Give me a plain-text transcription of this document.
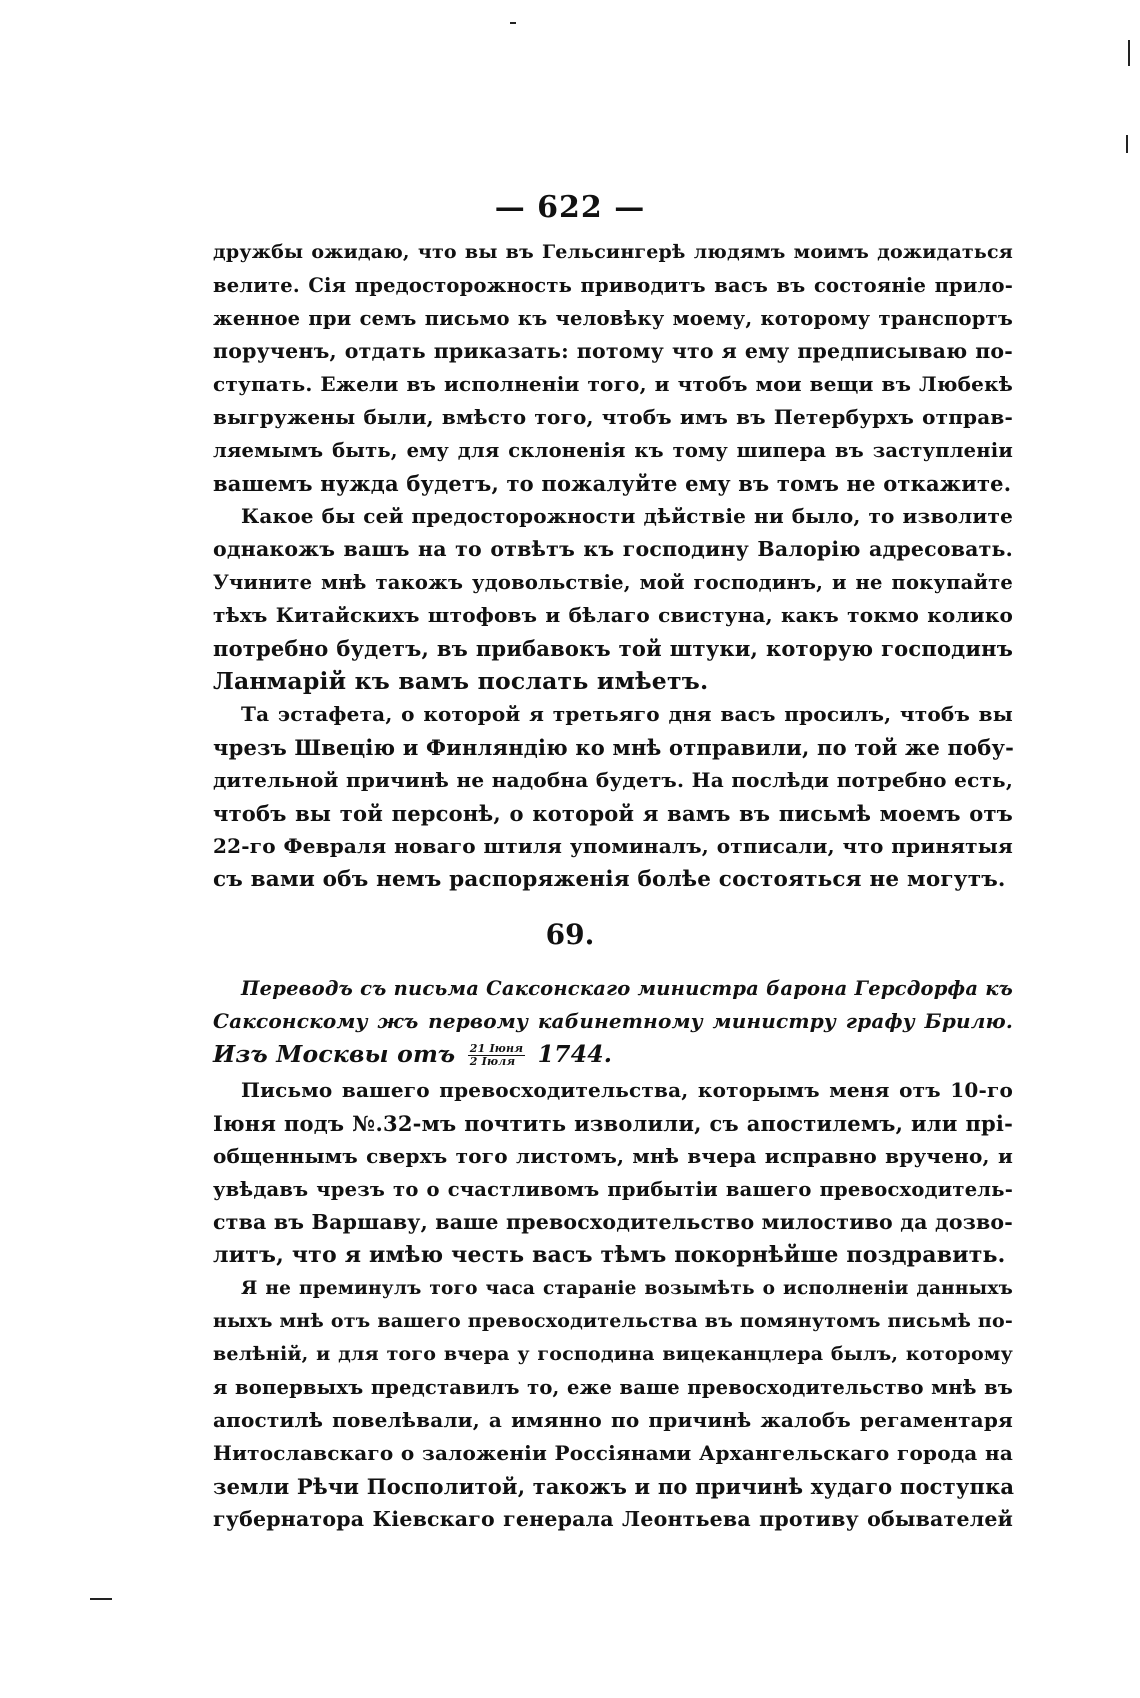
— 622 —
дружбы ожидаю, что вы въ Гельсингерѣ людямъ моимъ дожидаться
велите. Сія предосторожность приводитъ васъ въ состояніе прило-
женное при семъ письмо къ человѣку моему, которому транспортъ
порученъ, отдать приказать: потому что я ему предписываю по-
ступать. Ежели въ исполненіи того, и чтобъ мои вещи въ Любекѣ
выгружены были, вмѣсто того, чтобъ имъ въ Петербурхъ отправ-
ляемымъ быть, ему для склоненія къ тому шипера въ заступленіи
вашемъ нужда будетъ, то пожалуйте ему въ томъ не откажите.
Какое бы сей предосторожности дѣйствіе ни было, то изволите
однакожъ вашъ на то отвѣтъ къ господину Валорію адресовать.
Учините мнѣ такожъ удовольствіе, мой господинъ, и не покупайте
тѣхъ Китайскихъ штофовъ и бѣлаго свистуна, какъ токмо колико
потребно будетъ, въ прибавокъ той штуки, которую господинъ
Ланмарій къ вамъ послать имѣетъ.
Та эстафета, о которой я третьяго дня васъ просилъ, чтобъ вы
чрезъ Швецію и Финляндію ко мнѣ отправили, по той же побу-
дительной причинѣ не надобна будетъ. На послѣди потребно есть,
чтобъ вы той персонѣ, о которой я вамъ въ письмѣ моемъ отъ
22-го Февраля новаго штиля упоминалъ, отписали, что принятыя
съ вами объ немъ распоряженія болѣе состояться не могутъ.
69.
Переводъ съ письма Саксонскаго министра барона Герсдорфа къ
Саксонскому жъ первому кабинетному министру графу Брилю.
Изъ Москвы отъ $\frac{\text{21 Іюня}}{\text{2 Іюля}} 1744$.
Письмо вашего превосходительства, которымъ меня отъ 10-го
Іюня подъ №.32-мъ почтить изволили, съ апостилемъ, или прі-
общеннымъ сверхъ того листомъ, мнѣ вчера исправно вручено, и
увѣдавъ чрезъ то о счастливомъ прибытіи вашего превосходитель-
ства въ Варшаву, ваше превосходительство милостиво да дозво-
литъ, что я имѣю честь васъ тѣмъ покорнѣйше поздравить.
Я не преминулъ того часа стараніе возымѣть о исполненіи данныхъ
ныхъ мнѣ отъ вашего превосходительства въ помянутомъ письмѣ по-
велѣній, и для того вчера у господина вицеканцлера былъ, которому
я вопервыхъ представилъ то, еже ваше превосходительство мнѣ въ
апостилѣ повелѣвали, а имянно по причинѣ жалобъ регаментаря
Нитославскаго о заложеніи Россіянами Архангельскаго города на
земли Рѣчи Посполитой, такожъ и по причинѣ худаго поступка
губернатора Кіевскаго генерала Леонтьева противу обывателей
